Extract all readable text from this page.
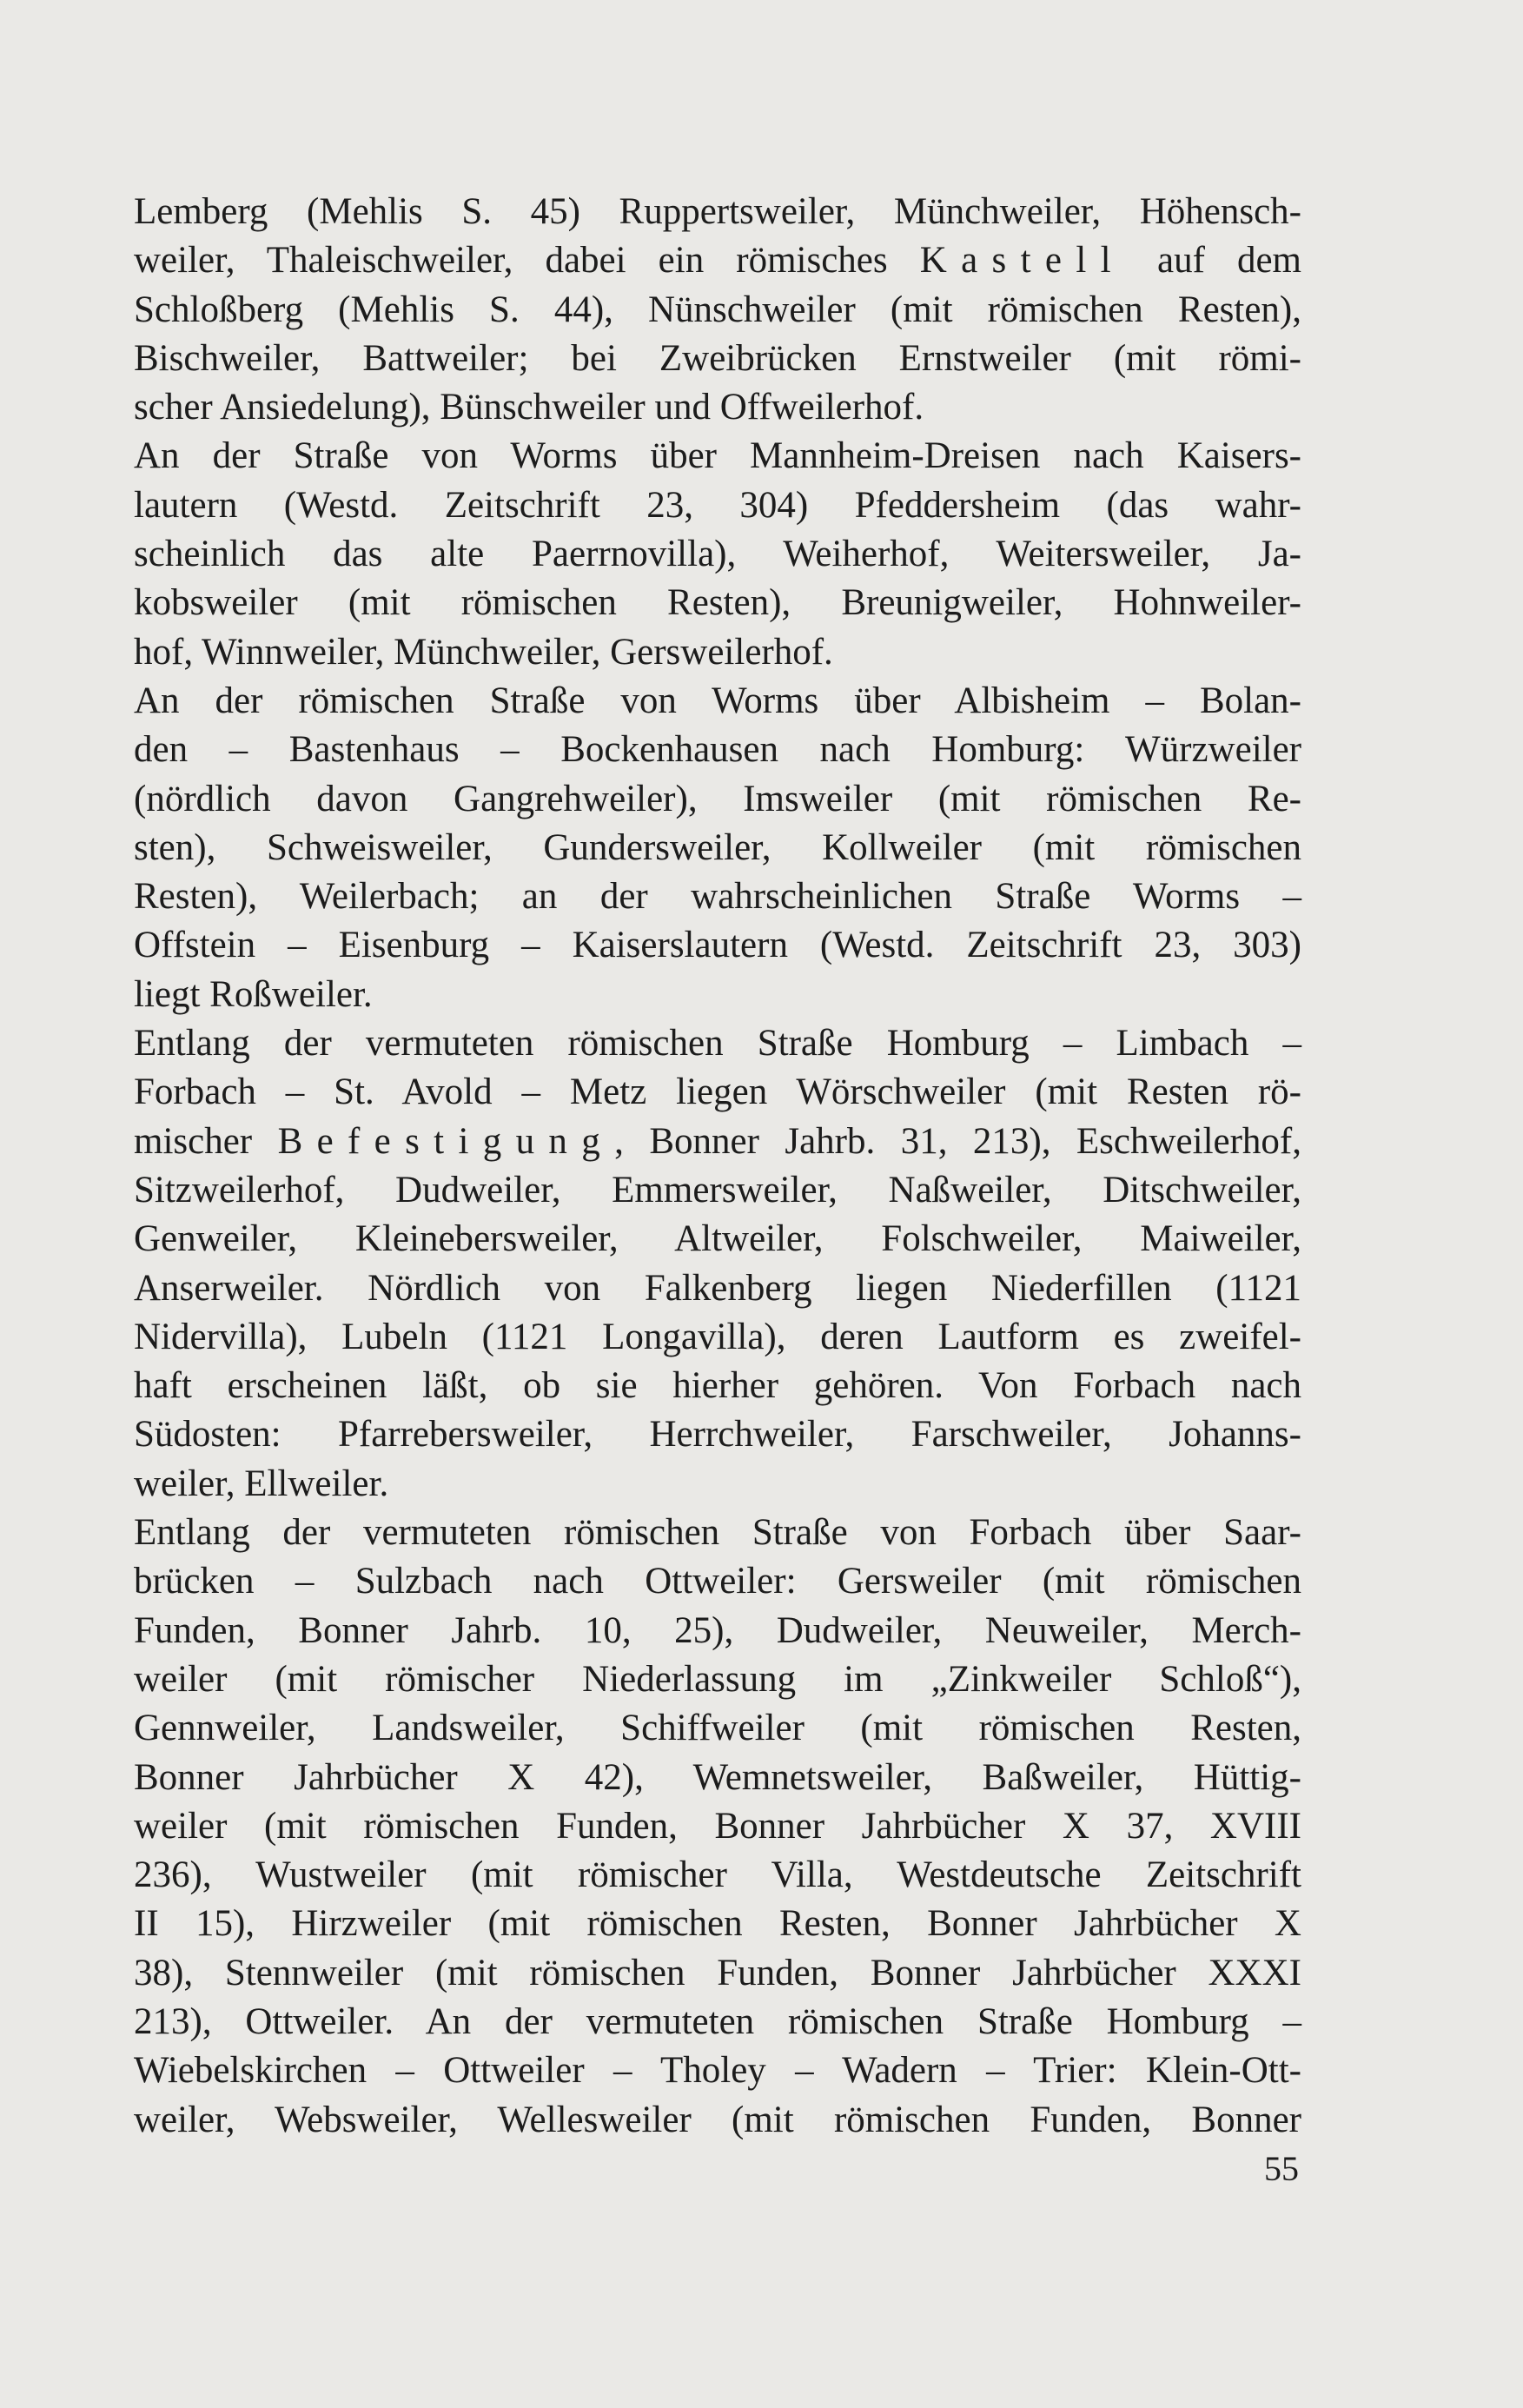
Lemberg (Mehlis S. 45) Ruppertsweiler, Münchweiler, Höhensch-
weiler, Thaleischweiler, dabei ein römisches Kastell auf dem
Schloßberg (Mehlis S. 44), Nünschweiler (mit römischen Resten),
Bischweiler, Battweiler; bei Zweibrücken Ernstweiler (mit römi-
scher Ansiedelung), Bünschweiler und Offweilerhof.
An der Straße von Worms über Mannheim-Dreisen nach Kaisers-
lautern (Westd. Zeitschrift 23, 304) Pfeddersheim (das wahr-
scheinlich das alte Paerrnovilla), Weiherhof, Weitersweiler, Ja-
kobsweiler (mit römischen Resten), Breunigweiler, Hohnweiler-
hof, Winnweiler, Münchweiler, Gersweilerhof.
An der römischen Straße von Worms über Albisheim – Bolan-
den – Bastenhaus – Bockenhausen nach Homburg: Würzweiler
(nördlich davon Gangrehweiler), Imsweiler (mit römischen Re-
sten), Schweisweiler, Gundersweiler, Kollweiler (mit römischen
Resten), Weilerbach; an der wahrscheinlichen Straße Worms –
Offstein – Eisenburg – Kaiserslautern (Westd. Zeitschrift 23, 303)
liegt Roßweiler.
Entlang der vermuteten römischen Straße Homburg – Limbach –
Forbach – St. Avold – Metz liegen Wörschweiler (mit Resten rö-
mischer Befestigung, Bonner Jahrb. 31, 213), Eschweilerhof,
Sitzweilerhof, Dudweiler, Emmersweiler, Naßweiler, Ditschweiler,
Genweiler, Kleinebersweiler, Altweiler, Folschweiler, Maiweiler,
Anserweiler. Nördlich von Falkenberg liegen Niederfillen (1121
Nidervilla), Lubeln (1121 Longavilla), deren Lautform es zweifel-
haft erscheinen läßt, ob sie hierher gehören. Von Forbach nach
Südosten: Pfarrebersweiler, Herrchweiler, Farschweiler, Johanns-
weiler, Ellweiler.
Entlang der vermuteten römischen Straße von Forbach über Saar-
brücken – Sulzbach nach Ottweiler: Gersweiler (mit römischen
Funden, Bonner Jahrb. 10, 25), Dudweiler, Neuweiler, Merch-
weiler (mit römischer Niederlassung im „Zinkweiler Schloß“),
Gennweiler, Landsweiler, Schiffweiler (mit römischen Resten,
Bonner Jahrbücher X 42), Wemnetsweiler, Baßweiler, Hüttig-
weiler (mit römischen Funden, Bonner Jahrbücher X 37, XVIII
236), Wustweiler (mit römischer Villa, Westdeutsche Zeitschrift
II 15), Hirzweiler (mit römischen Resten, Bonner Jahrbücher X
38), Stennweiler (mit römischen Funden, Bonner Jahrbücher XXXI
213), Ottweiler. An der vermuteten römischen Straße Homburg –
Wiebelskirchen – Ottweiler – Tholey – Wadern – Trier: Klein-Ott-
weiler, Websweiler, Wellesweiler (mit römischen Funden, Bonner
55
